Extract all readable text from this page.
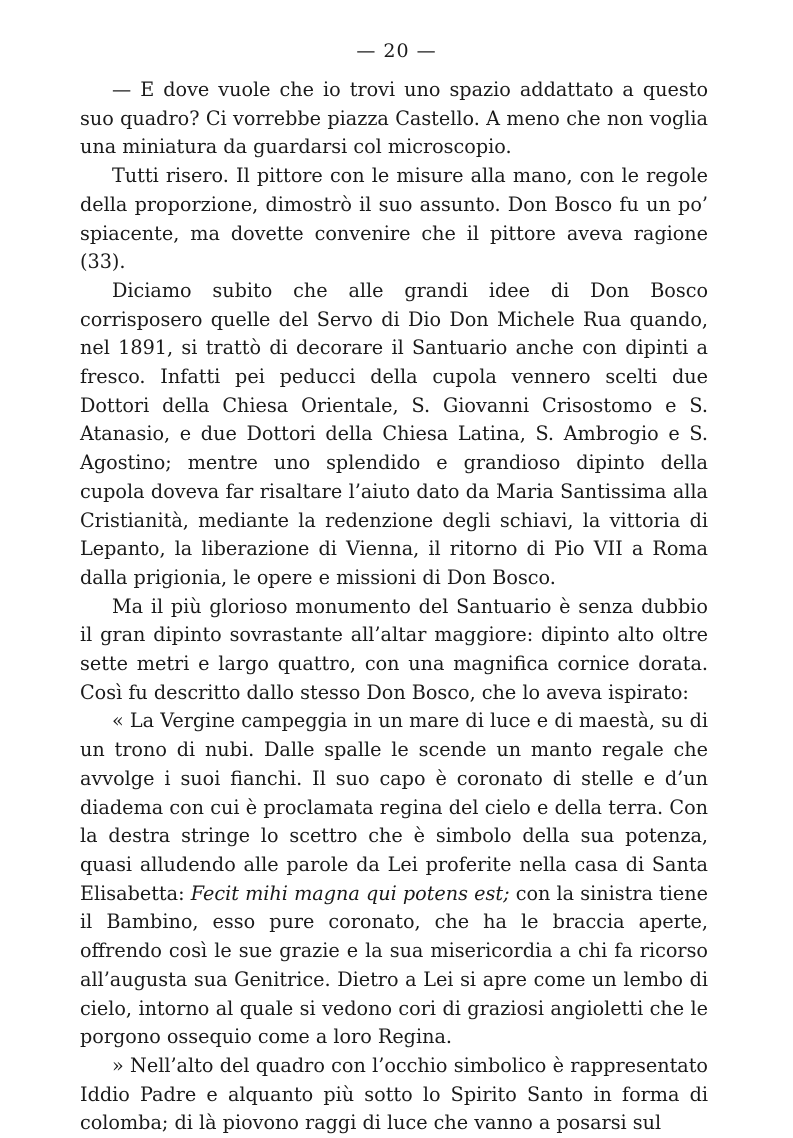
— 20 —

— E dove vuole che io trovi uno spazio addattato a questo suo quadro? Ci vorrebbe piazza Castello. A meno che non voglia una miniatura da guardarsi col microscopio.

Tutti risero. Il pittore con le misure alla mano, con le regole della proporzione, dimostrò il suo assunto. Don Bosco fu un po’ spiacente, ma dovette convenire che il pittore aveva ragione (33).

Diciamo subito che alle grandi idee di Don Bosco corrisposero quelle del Servo di Dio Don Michele Rua quando, nel 1891, si trattò di decorare il Santuario anche con dipinti a fresco. Infatti pei peducci della cupola vennero scelti due Dottori della Chiesa Orientale, S. Giovanni Crisostomo e S. Atanasio, e due Dottori della Chiesa Latina, S. Ambrogio e S. Agostino; mentre uno splendido e grandioso dipinto della cupola doveva far risaltare l’aiuto dato da Maria Santissima alla Cristianità, mediante la redenzione degli schiavi, la vittoria di Lepanto, la liberazione di Vienna, il ritorno di Pio VII a Roma dalla prigionia, le opere e missioni di Don Bosco.

Ma il più glorioso monumento del Santuario è senza dubbio il gran dipinto sovrastante all’altar maggiore: dipinto alto oltre sette metri e largo quattro, con una magnifica cornice dorata. Così fu descritto dallo stesso Don Bosco, che lo aveva ispirato:

« La Vergine campeggia in un mare di luce e di maestà, su di un trono di nubi. Dalle spalle le scende un manto regale che avvolge i suoi fianchi. Il suo capo è coronato di stelle e d’un diadema con cui è proclamata regina del cielo e della terra. Con la destra stringe lo scettro che è simbolo della sua potenza, quasi alludendo alle parole da Lei proferite nella casa di Santa Elisabetta: Fecit mihi magna qui potens est; con la sinistra tiene il Bambino, esso pure coronato, che ha le braccia aperte, offrendo così le sue grazie e la sua misericordia a chi fa ricorso all’augusta sua Genitrice. Dietro a Lei si apre come un lembo di cielo, intorno al quale si vedono cori di graziosi angioletti che le porgono ossequio come a loro Regina.

» Nell’alto del quadro con l’occhio simbolico è rappresentato Iddio Padre e alquanto più sotto lo Spirito Santo in forma di colomba; di là piovono raggi di luce che vanno a posarsi sul
